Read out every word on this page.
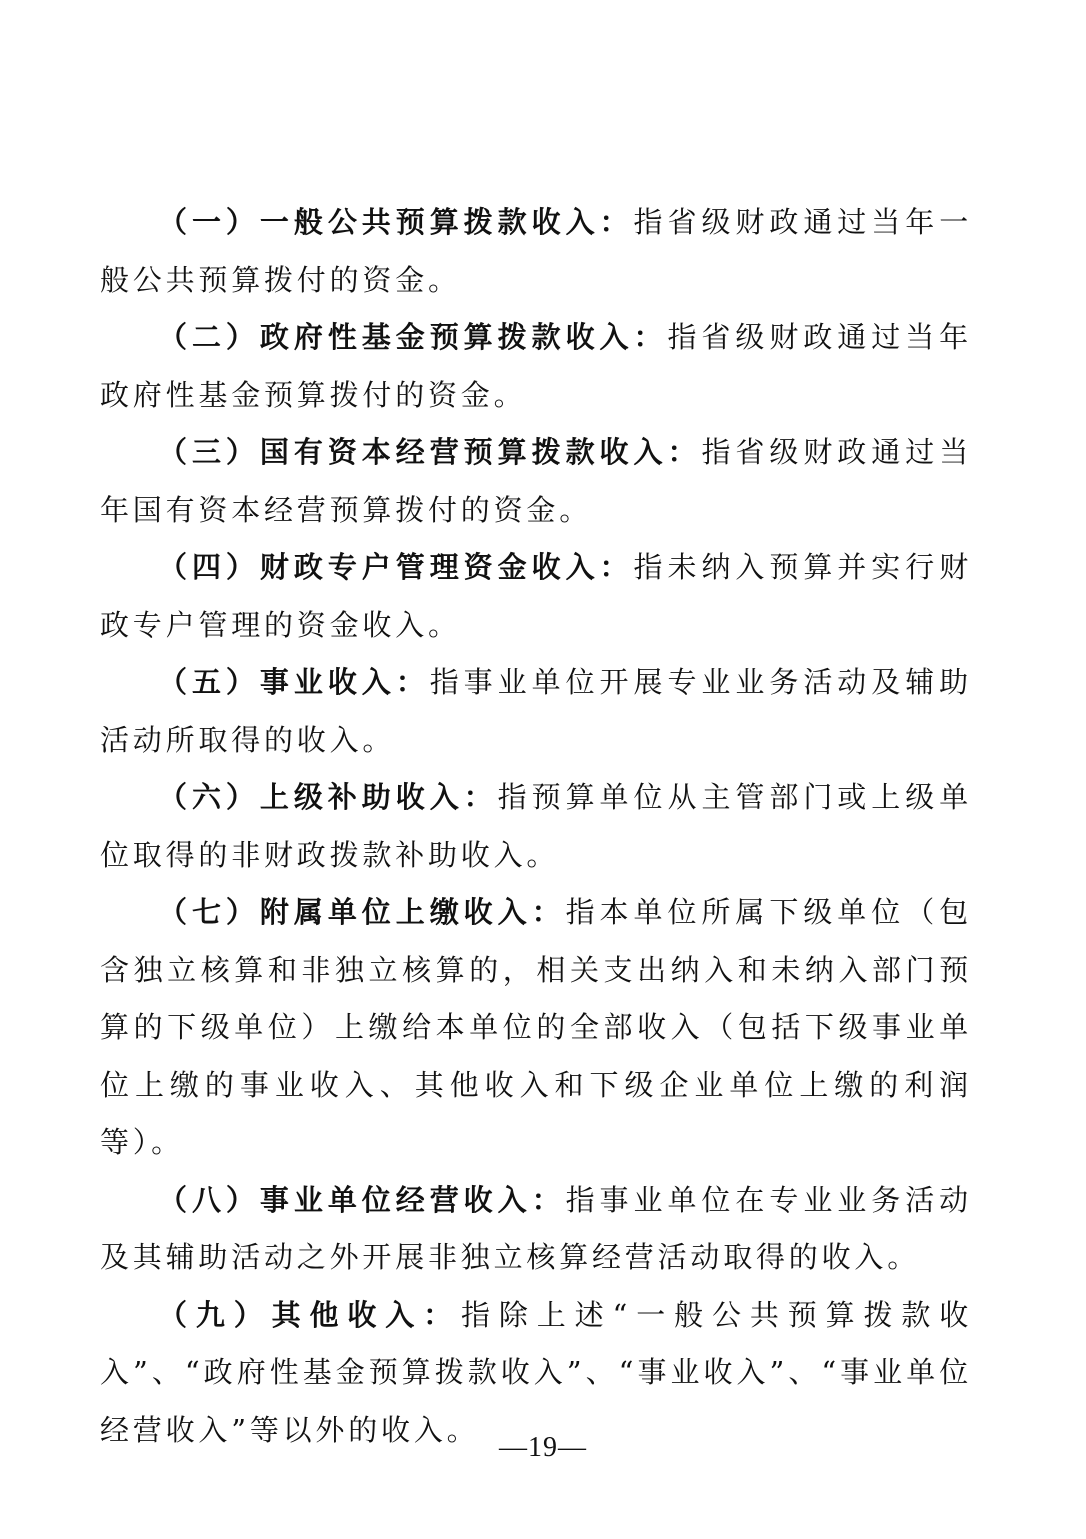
（一）一般公共预算拨款收入：指省级财政通过当年一般公共预算拨付的资金。

（二）政府性基金预算拨款收入：指省级财政通过当年政府性基金预算拨付的资金。

（三）国有资本经营预算拨款收入：指省级财政通过当年国有资本经营预算拨付的资金。

（四）财政专户管理资金收入：指未纳入预算并实行财政专户管理的资金收入。

（五）事业收入：指事业单位开展专业业务活动及辅助活动所取得的收入。

（六）上级补助收入：指预算单位从主管部门或上级单位取得的非财政拨款补助收入。

（七）附属单位上缴收入：指本单位所属下级单位（包含独立核算和非独立核算的，相关支出纳入和未纳入部门预算的下级单位）上缴给本单位的全部收入（包括下级事业单位上缴的事业收入、其他收入和下级企业单位上缴的利润等）。

（八）事业单位经营收入：指事业单位在专业业务活动及其辅助活动之外开展非独立核算经营活动取得的收入。

（九）其他收入：指除上述“一般公共预算拨款收入”、“政府性基金预算拨款收入”、“事业收入”、“事业单位经营收入”等以外的收入。

—19—
